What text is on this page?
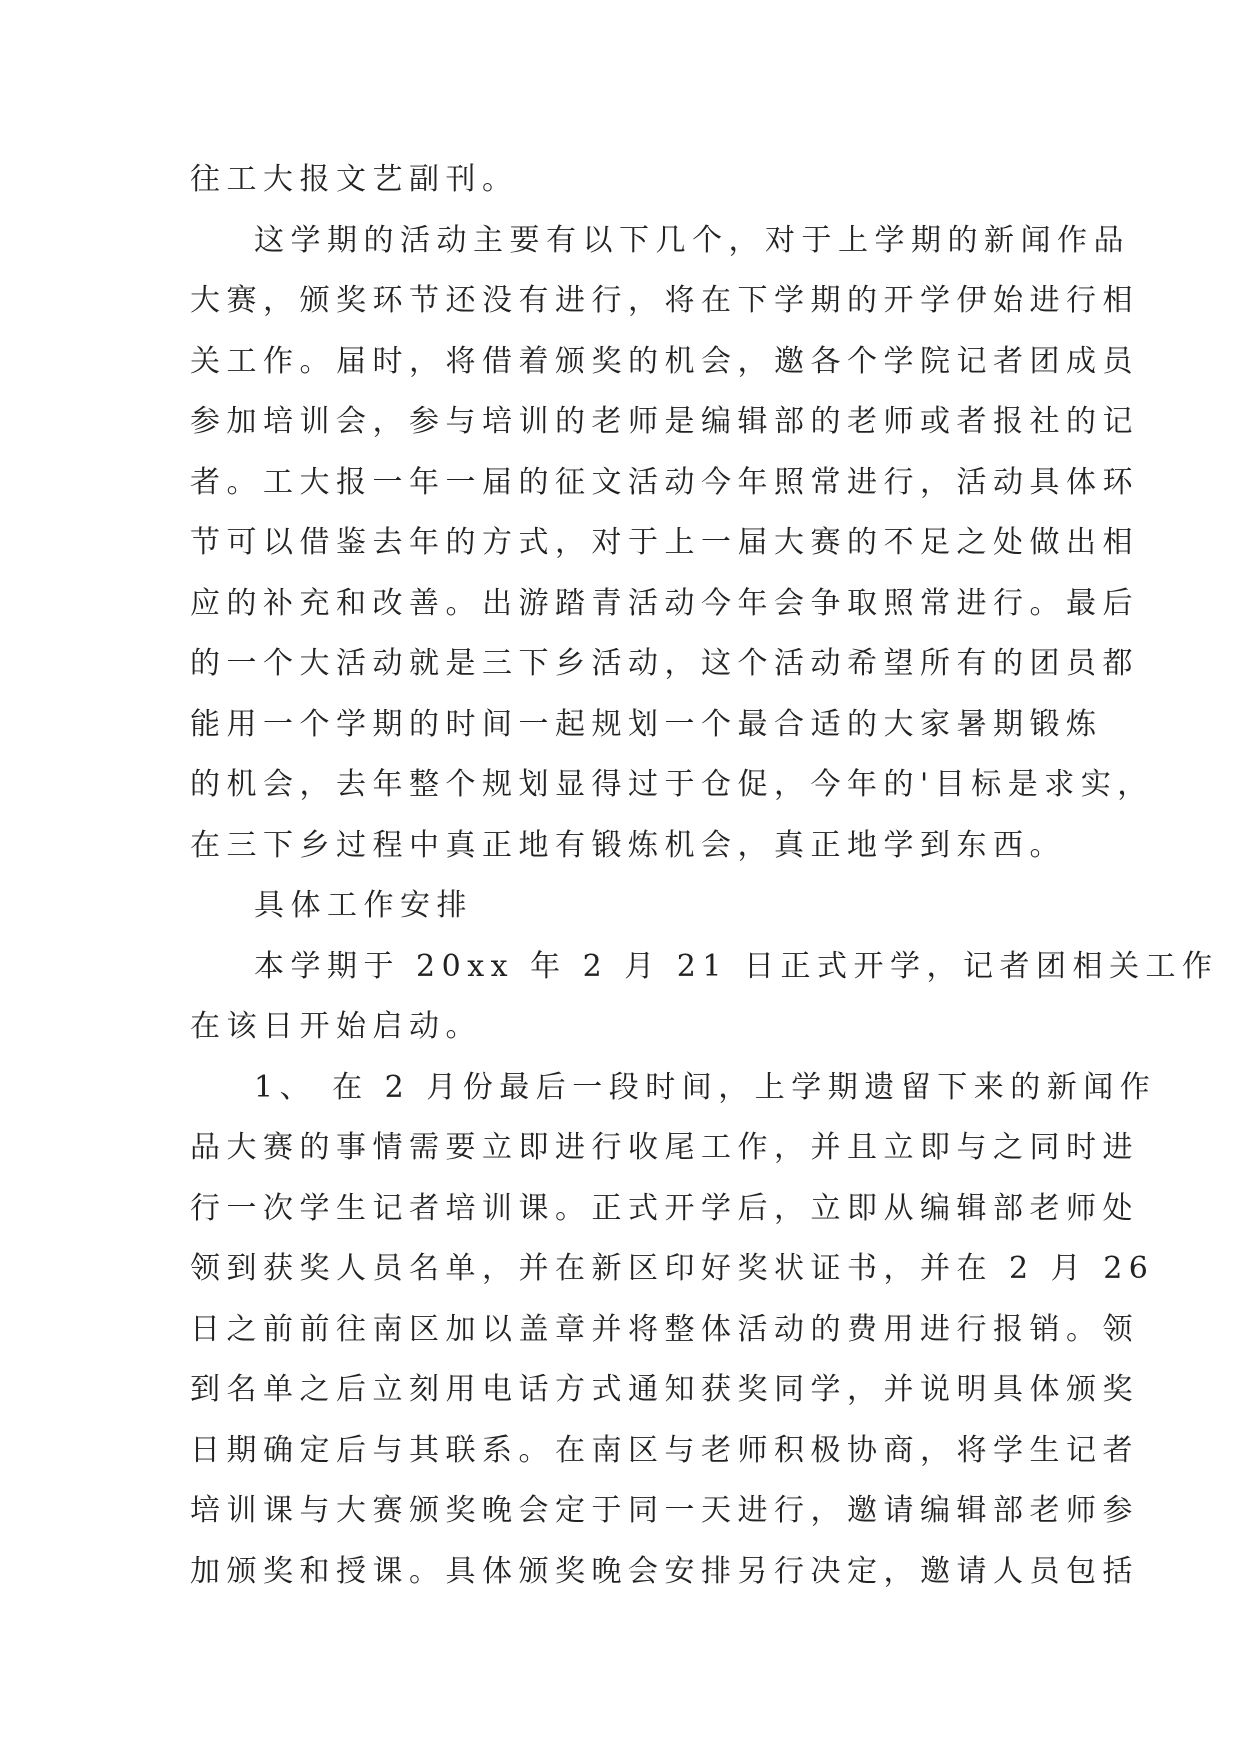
往工大报文艺副刊。
这学期的活动主要有以下几个，对于上学期的新闻作品
大赛，颁奖环节还没有进行，将在下学期的开学伊始进行相
关工作。届时，将借着颁奖的机会，邀各个学院记者团成员
参加培训会，参与培训的老师是编辑部的老师或者报社的记
者。工大报一年一届的征文活动今年照常进行，活动具体环
节可以借鉴去年的方式，对于上一届大赛的不足之处做出相
应的补充和改善。出游踏青活动今年会争取照常进行。最后
的一个大活动就是三下乡活动，这个活动希望所有的团员都
能用一个学期的时间一起规划一个最合适的大家暑期锻炼
的机会，去年整个规划显得过于仓促，今年的'目标是求实，
在三下乡过程中真正地有锻炼机会，真正地学到东西。
具体工作安排
本学期于 20xx 年 2 月 21 日正式开学，记者团相关工作
在该日开始启动。
1、 在 2 月份最后一段时间，上学期遗留下来的新闻作
品大赛的事情需要立即进行收尾工作，并且立即与之同时进
行一次学生记者培训课。正式开学后，立即从编辑部老师处
领到获奖人员名单，并在新区印好奖状证书，并在 2 月 26
日之前前往南区加以盖章并将整体活动的费用进行报销。领
到名单之后立刻用电话方式通知获奖同学，并说明具体颁奖
日期确定后与其联系。在南区与老师积极协商，将学生记者
培训课与大赛颁奖晚会定于同一天进行，邀请编辑部老师参
加颁奖和授课。具体颁奖晚会安排另行决定，邀请人员包括
